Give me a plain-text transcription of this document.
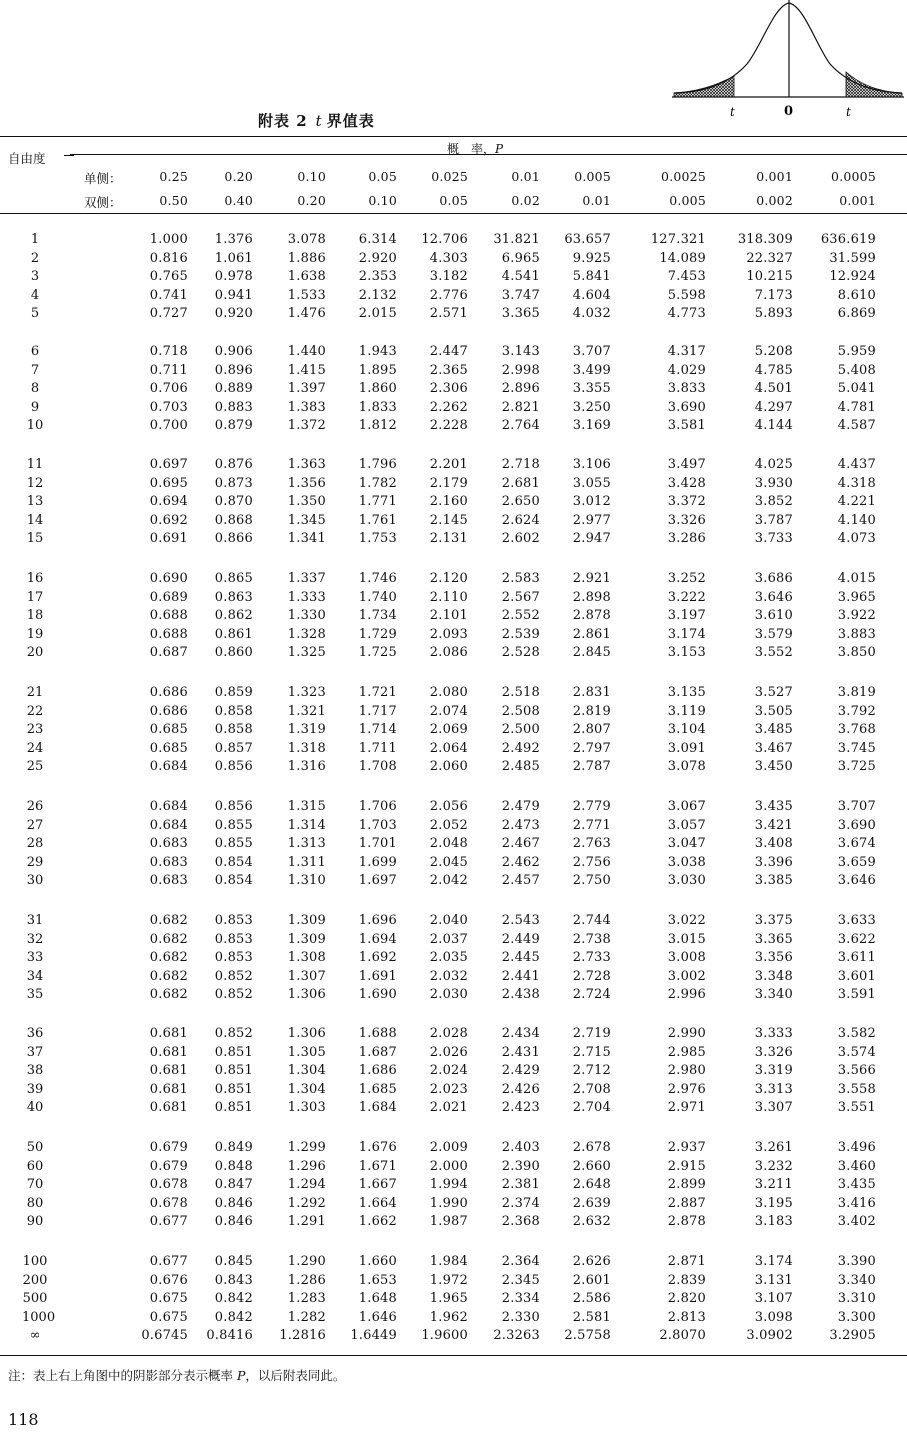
t	0	t
附表 2 t 界值表
自由度
概　率，P
单侧：
双侧：
0.25	0.20	0.10	0.05	0.025	0.01	0.005	0.0025	0.001	0.0005
0.50	0.40	0.20	0.10	0.05	0.02	0.01	0.005	0.002	0.001
1	1.000	1.376	3.078	6.314	12.706	31.821	63.657	127.321	318.309	636.619
2	0.816	1.061	1.886	2.920	4.303	6.965	9.925	14.089	22.327	31.599
3	0.765	0.978	1.638	2.353	3.182	4.541	5.841	7.453	10.215	12.924
4	0.741	0.941	1.533	2.132	2.776	3.747	4.604	5.598	7.173	8.610
5	0.727	0.920	1.476	2.015	2.571	3.365	4.032	4.773	5.893	6.869
6	0.718	0.906	1.440	1.943	2.447	3.143	3.707	4.317	5.208	5.959
7	0.711	0.896	1.415	1.895	2.365	2.998	3.499	4.029	4.785	5.408
8	0.706	0.889	1.397	1.860	2.306	2.896	3.355	3.833	4.501	5.041
9	0.703	0.883	1.383	1.833	2.262	2.821	3.250	3.690	4.297	4.781
10	0.700	0.879	1.372	1.812	2.228	2.764	3.169	3.581	4.144	4.587
11	0.697	0.876	1.363	1.796	2.201	2.718	3.106	3.497	4.025	4.437
12	0.695	0.873	1.356	1.782	2.179	2.681	3.055	3.428	3.930	4.318
13	0.694	0.870	1.350	1.771	2.160	2.650	3.012	3.372	3.852	4.221
14	0.692	0.868	1.345	1.761	2.145	2.624	2.977	3.326	3.787	4.140
15	0.691	0.866	1.341	1.753	2.131	2.602	2.947	3.286	3.733	4.073
16	0.690	0.865	1.337	1.746	2.120	2.583	2.921	3.252	3.686	4.015
17	0.689	0.863	1.333	1.740	2.110	2.567	2.898	3.222	3.646	3.965
18	0.688	0.862	1.330	1.734	2.101	2.552	2.878	3.197	3.610	3.922
19	0.688	0.861	1.328	1.729	2.093	2.539	2.861	3.174	3.579	3.883
20	0.687	0.860	1.325	1.725	2.086	2.528	2.845	3.153	3.552	3.850
21	0.686	0.859	1.323	1.721	2.080	2.518	2.831	3.135	3.527	3.819
22	0.686	0.858	1.321	1.717	2.074	2.508	2.819	3.119	3.505	3.792
23	0.685	0.858	1.319	1.714	2.069	2.500	2.807	3.104	3.485	3.768
24	0.685	0.857	1.318	1.711	2.064	2.492	2.797	3.091	3.467	3.745
25	0.684	0.856	1.316	1.708	2.060	2.485	2.787	3.078	3.450	3.725
26	0.684	0.856	1.315	1.706	2.056	2.479	2.779	3.067	3.435	3.707
27	0.684	0.855	1.314	1.703	2.052	2.473	2.771	3.057	3.421	3.690
28	0.683	0.855	1.313	1.701	2.048	2.467	2.763	3.047	3.408	3.674
29	0.683	0.854	1.311	1.699	2.045	2.462	2.756	3.038	3.396	3.659
30	0.683	0.854	1.310	1.697	2.042	2.457	2.750	3.030	3.385	3.646
31	0.682	0.853	1.309	1.696	2.040	2.543	2.744	3.022	3.375	3.633
32	0.682	0.853	1.309	1.694	2.037	2.449	2.738	3.015	3.365	3.622
33	0.682	0.853	1.308	1.692	2.035	2.445	2.733	3.008	3.356	3.611
34	0.682	0.852	1.307	1.691	2.032	2.441	2.728	3.002	3.348	3.601
35	0.682	0.852	1.306	1.690	2.030	2.438	2.724	2.996	3.340	3.591
36	0.681	0.852	1.306	1.688	2.028	2.434	2.719	2.990	3.333	3.582
37	0.681	0.851	1.305	1.687	2.026	2.431	2.715	2.985	3.326	3.574
38	0.681	0.851	1.304	1.686	2.024	2.429	2.712	2.980	3.319	3.566
39	0.681	0.851	1.304	1.685	2.023	2.426	2.708	2.976	3.313	3.558
40	0.681	0.851	1.303	1.684	2.021	2.423	2.704	2.971	3.307	3.551
50	0.679	0.849	1.299	1.676	2.009	2.403	2.678	2.937	3.261	3.496
60	0.679	0.848	1.296	1.671	2.000	2.390	2.660	2.915	3.232	3.460
70	0.678	0.847	1.294	1.667	1.994	2.381	2.648	2.899	3.211	3.435
80	0.678	0.846	1.292	1.664	1.990	2.374	2.639	2.887	3.195	3.416
90	0.677	0.846	1.291	1.662	1.987	2.368	2.632	2.878	3.183	3.402
100	0.677	0.845	1.290	1.660	1.984	2.364	2.626	2.871	3.174	3.390
200	0.676	0.843	1.286	1.653	1.972	2.345	2.601	2.839	3.131	3.340
500	0.675	0.842	1.283	1.648	1.965	2.334	2.586	2.820	3.107	3.310
1000	0.675	0.842	1.282	1.646	1.962	2.330	2.581	2.813	3.098	3.300
∞	0.6745	0.8416	1.2816	1.6449	1.9600	2.3263	2.5758	2.8070	3.0902	3.2905
注：表上右上角图中的阴影部分表示概率 P，以后附表同此。
118
